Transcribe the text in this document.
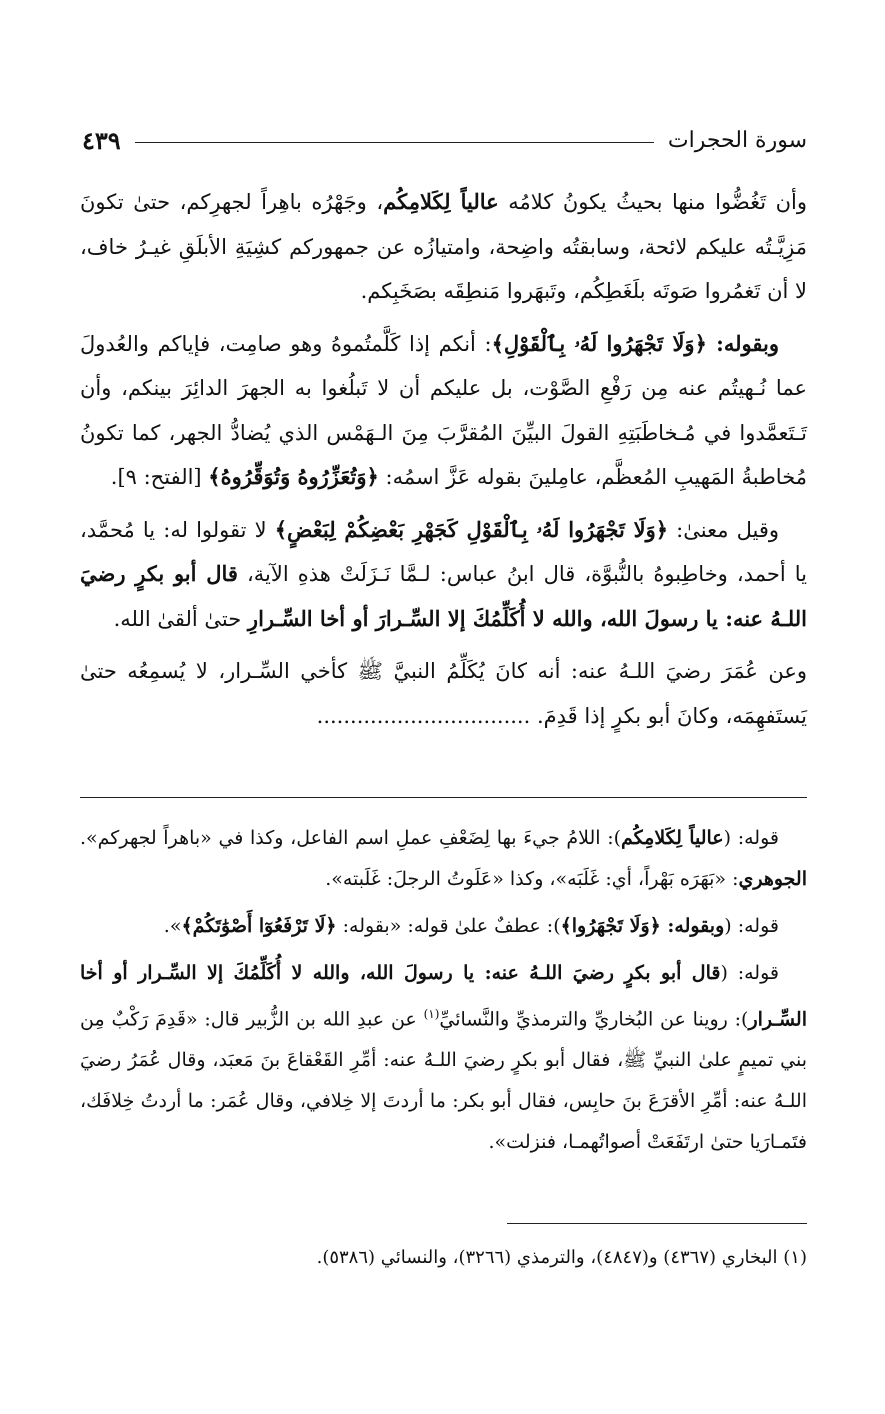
سورة الحجرات
٤٣٩

وأن تَغُضُّوا منها بحيثُ يكونُ كلامُه عالياً لِكَلامِكُم، وجَهْرُه باهِراً لجهرِكم، حتىٰ تكونَ مَزِيَّـتُه عليكم لائحة، وسابقتُه واضِحة، وامتيازُه عن جمهوركم كشِيَةِ الأبلَقِ غيـرُ خاف، لا أن تَغمُروا صَوتَه بلَغَطِكُم، وتَبهَروا مَنطِقَه بصَخَبِكم.

وبقوله: ﴿وَلَا تَجْهَرُوا لَهُۥ بِٱلْقَوْلِ﴾: أنكم إذا كَلَّمتُموهُ وهو صامِت، فإياكم والعُدولَ عما نُـهيتُم عنه مِن رَفْعِ الصَّوْت، بل عليكم أن لا تَبلُغوا به الجهرَ الدائِرَ بينكم، وأن تَـتَعمَّدوا في مُـخاطَبَتِهِ القولَ البيِّنَ المُقرَّبَ مِنَ الـهَمْس الذي يُضادُّ الجهر، كما تكونُ مُخاطبةُ المَهيبِ المُعظَّم، عامِلينَ بقوله عَزَّ اسمُه: ﴿وَتُعَزِّرُوهُ وَتُوَقِّرُوهُ﴾ [الفتح: ٩].

وقيل معنىٰ: ﴿وَلَا تَجْهَرُوا لَهُۥ بِٱلْقَوْلِ كَجَهْرِ بَعْضِكُمْ لِبَعْضٍ﴾ لا تقولوا له: يا مُحمَّد، يا أحمد، وخاطِبوهُ بالنُّبوَّة، قال ابنُ عباس: لـمَّا نَـزَلَتْ هذهِ الآية، قال أبو بكرٍ رضيَ اللـهُ عنه: يا رسولَ الله، والله لا أُكَلِّمُكَ إلا السِّـرارَ أو أخا السِّـرارِ حتىٰ ألقىٰ الله.

وعن عُمَرَ رضيَ اللـهُ عنه: أنه كانَ يُكَلِّمُ النبيَّ ﷺ كأخي السِّـرار، لا يُسمِعُه حتىٰ يَستَفهِمَه، وكانَ أبو بكرٍ إذا قَدِمَ. ................................

قوله: (عالياً لِكَلامِكُم): اللامُ جيءَ بها لِضَعْفِ عملِ اسم الفاعل، وكذا في «باهراً لجهركم». الجوهري: «بَهَرَه بَهْراً، أي: غَلَبَه»، وكذا «عَلَوتُ الرجلَ: غَلَبته».

قوله: (وبقوله: ﴿وَلَا تَجْهَرُوا﴾): عطفٌ علىٰ قوله: «بقوله: ﴿لَا تَرْفَعُوٓا أَصْوَٰتَكُمْ﴾».

قوله: (قال أبو بكرٍ رضيَ اللـهُ عنه: يا رسولَ الله، والله لا أُكَلِّمُكَ إلا السِّـرار أو أخا السِّـرار): روينا عن البُخاريِّ والترمذيِّ والنَّسائيِّ$^{(١)}$ عن عبدِ الله بن الزُّبير قال: «قَدِمَ رَكْبٌ مِن بني تميمٍ علىٰ النبيِّ ﷺ، فقال أبو بكرٍ رضيَ اللـهُ عنه: أمِّرِ القَعْقاعَ بنَ مَعبَد، وقال عُمَرُ رضيَ اللـهُ عنه: أمِّرِ الأقرَعَ بنَ حابِس، فقال أبو بكر: ما أردتَ إلا خِلافي، وقال عُمَر: ما أردتُ خِلافَك، فتَمـارَيا حتىٰ ارتَفَعَتْ أصواتُهمـا، فنزلت».

(١) البخاري (٤٣٦٧) و(٤٨٤٧)، والترمذي (٣٢٦٦)، والنسائي (٥٣٨٦).
